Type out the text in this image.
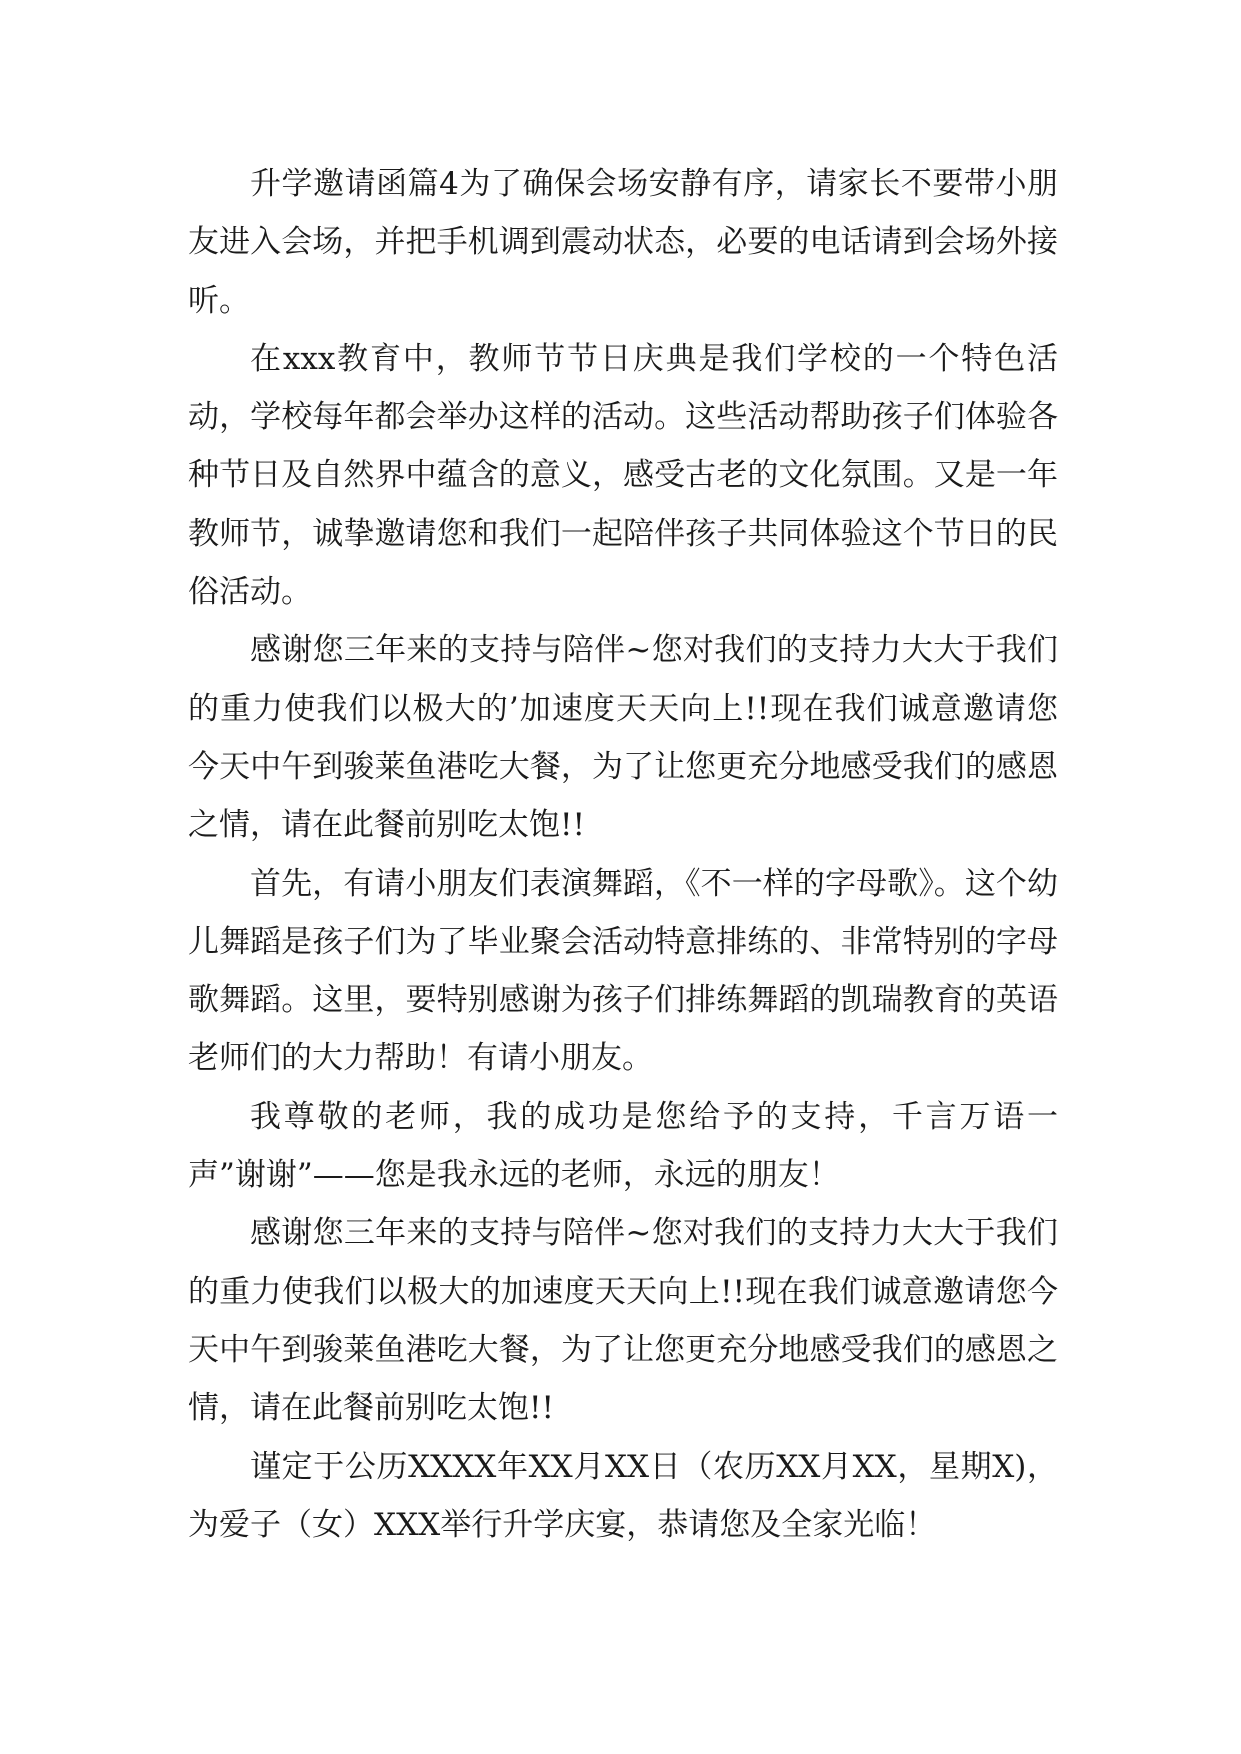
升学邀请函篇4为了确保会场安静有序，请家长不要带小朋友进入会场，并把手机调到震动状态，必要的电话请到会场外接听。

在xxx教育中，教师节节日庆典是我们学校的一个特色活动，学校每年都会举办这样的活动。这些活动帮助孩子们体验各种节日及自然界中蕴含的意义，感受古老的文化氛围。又是一年教师节，诚挚邀请您和我们一起陪伴孩子共同体验这个节日的民俗活动。

感谢您三年来的支持与陪伴~您对我们的支持力大大于我们的重力使我们以极大的’加速度天天向上!!现在我们诚意邀请您今天中午到骏莱鱼港吃大餐，为了让您更充分地感受我们的感恩之情，请在此餐前别吃太饱!!

首先，有请小朋友们表演舞蹈，《不一样的字母歌》。这个幼儿舞蹈是孩子们为了毕业聚会活动特意排练的、非常特别的字母歌舞蹈。这里，要特别感谢为孩子们排练舞蹈的凯瑞教育的英语老师们的大力帮助！有请小朋友。

我尊敬的老师，我的成功是您给予的支持，千言万语一声”谢谢”——您是我永远的老师，永远的朋友！

感谢您三年来的支持与陪伴~您对我们的支持力大大于我们的重力使我们以极大的加速度天天向上!!现在我们诚意邀请您今天中午到骏莱鱼港吃大餐，为了让您更充分地感受我们的感恩之情，请在此餐前别吃太饱!!

谨定于公历XXXX年XX月XX日（农历XX月XX，星期X)，为爱子（女）XXX举行升学庆宴，恭请您及全家光临！
